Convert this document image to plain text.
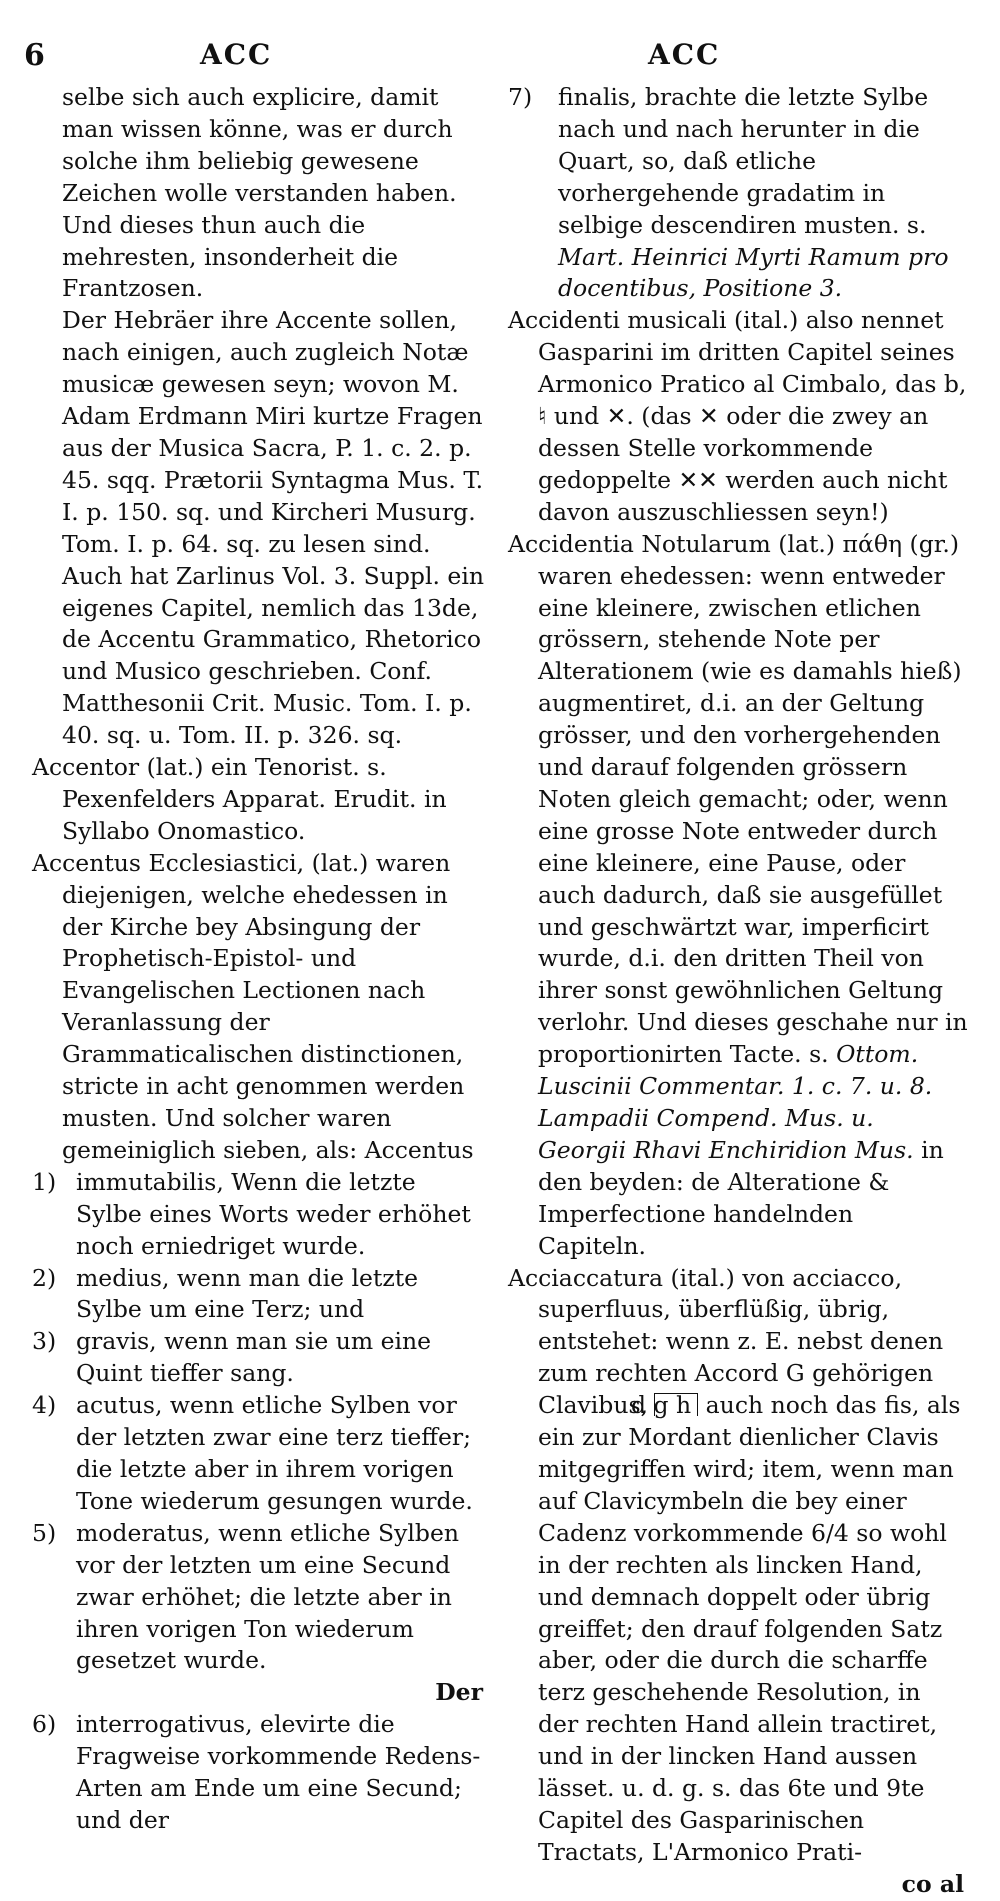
6	ACC	ACC

selbe sich auch explicire, damit man wissen könne, was er durch solche ihm beliebig gewesene Zeichen wolle verstanden haben. Und dieses thun auch die mehresten, insonderheit die Frantzosen.

Der Hebräer ihre Accente sollen, nach einigen, auch zugleich Notæ musicæ gewesen seyn; wovon M. Adam Erdmann Miri kurtze Fragen aus der Musica Sacra, P. 1. c. 2. p. 45. sqq. Prætorii Syntagma Mus. T. I. p. 150. sq. und Kircheri Musurg. Tom. I. p. 64. sq. zu lesen sind.

Auch hat Zarlinus Vol. 3. Suppl. ein eigenes Capitel, nemlich das 13de, de Accentu Grammatico, Rhetorico und Musico geschrieben. Conf. Matthesonii Crit. Music. Tom. I. p. 40. sq. u. Tom. II. p. 326. sq.

Accentor (lat.) ein Tenorist. s. Pexenfelders Apparat. Erudit. in Syllabo Onomastico.

Accentus Ecclesiastici, (lat.) waren diejenigen, welche ehedessen in der Kirche bey Absingung der Prophetisch-Epistol- und Evangelischen Lectionen nach Veranlassung der Grammaticalischen distinctionen, stricte in acht genommen werden musten. Und solcher waren gemeiniglich sieben, als: Accentus

1) immutabilis, Wenn die letzte Sylbe eines Worts weder erhöhet noch erniedriget wurde.
2) medius, wenn man die letzte Sylbe um eine Terz; und
3) gravis, wenn man sie um eine Quint tieffer sang.
4) acutus, wenn etliche Sylben vor der letzten zwar eine terz tieffer; die letzte aber in ihrem vorigen Tone wiederum gesungen wurde.
5) moderatus, wenn etliche Sylben vor der letzten um eine Secund zwar erhöhet; die letzte aber in ihren vorigen Ton wiederum gesetzet wurde.
Der
6) interrogativus, elevirte die Fragweise vorkommende Redens-Arten am Ende um eine Secund; und der
7)	finalis, brachte die letzte Sylbe nach und nach herunter in die Quart, so, daß etliche vorhergehende gradatim in selbige descendiren musten. s. Mart. Heinrici Myrti Ramum pro docentibus, Positione 3.

Accidenti musicali (ital.) also nennet Gasparini im dritten Capitel seines Armonico Pratico al Cimbalo, das b, ♮ und ✕. (das ✕ oder die zwey an dessen Stelle vorkommende gedoppelte ✕✕ werden auch nicht davon auszuschliessen seyn!)

Accidentia Notularum (lat.) πάθη (gr.) waren ehedessen: wenn entweder eine kleinere, zwischen etlichen grössern, stehende Note per Alterationem (wie es damahls hieß) augmentiret, d.i. an der Geltung grösser, und den vorhergehenden und darauf folgenden grössern Noten gleich gemacht; oder, wenn eine grosse Note entweder durch eine kleinere, eine Pause, oder auch dadurch, daß sie ausgefüllet und geschwärtzt war, imperficirt wurde, d.i. den dritten Theil von ihrer sonst gewöhnlichen Geltung verlohr. Und dieses geschahe nur in proportionirten Tacte. s. Ottom. Luscinii Commentar. 1. c. 7. u. 8. Lampadii Compend. Mus. u. Georgii Rhavi Enchiridion Mus. in den beyden: de Alteratione & Imperfectione handelnden Capiteln.

Acciaccatura (ital.) von acciacco, superfluus, überflüßig, übrig, entstehet: wenn z. E. nebst denen zum rechten Accord G gehörigen Clavibus,d g h auch noch das fis, als ein zur Mordant dienlicher Clavis mitgegriffen wird; item, wenn man auf Clavicymbeln die bey einer Cadenz vorkommende 6/4 so wohl in der rechten als lincken Hand, und demnach doppelt oder übrig greiffet; den drauf folgenden Satz aber, oder die durch die scharffe terz geschehende Resolution, in der rechten Hand allein tractiret, und in der lincken Hand aussen lässet. u. d. g. s. das 6te und 9te Capitel des Gasparinischen Tractats, L'Armonico Prati-

co al
